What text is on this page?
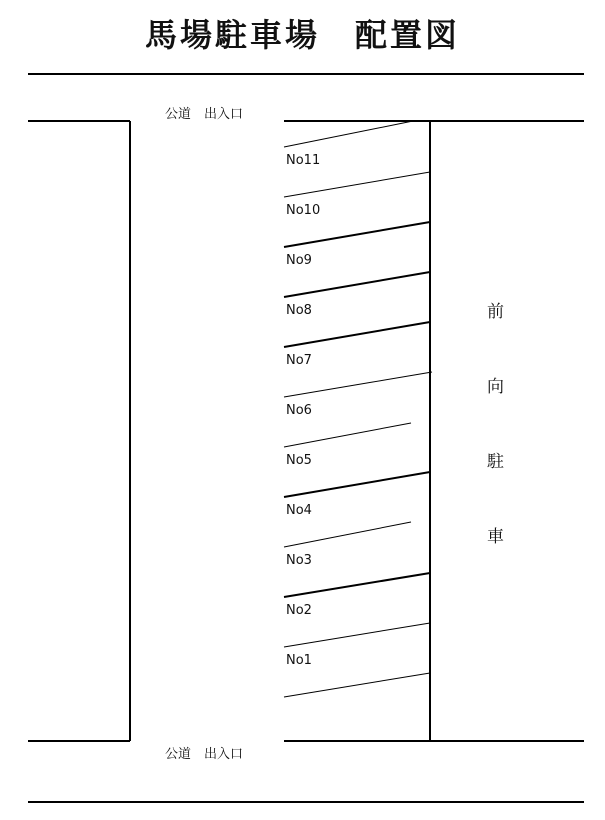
馬場駐車場　配置図
公道　出入口
公道　出入口
No11
No10
No9
No8
No7
No6
No5
No4
No3
No2
No1
前
向
駐
車
